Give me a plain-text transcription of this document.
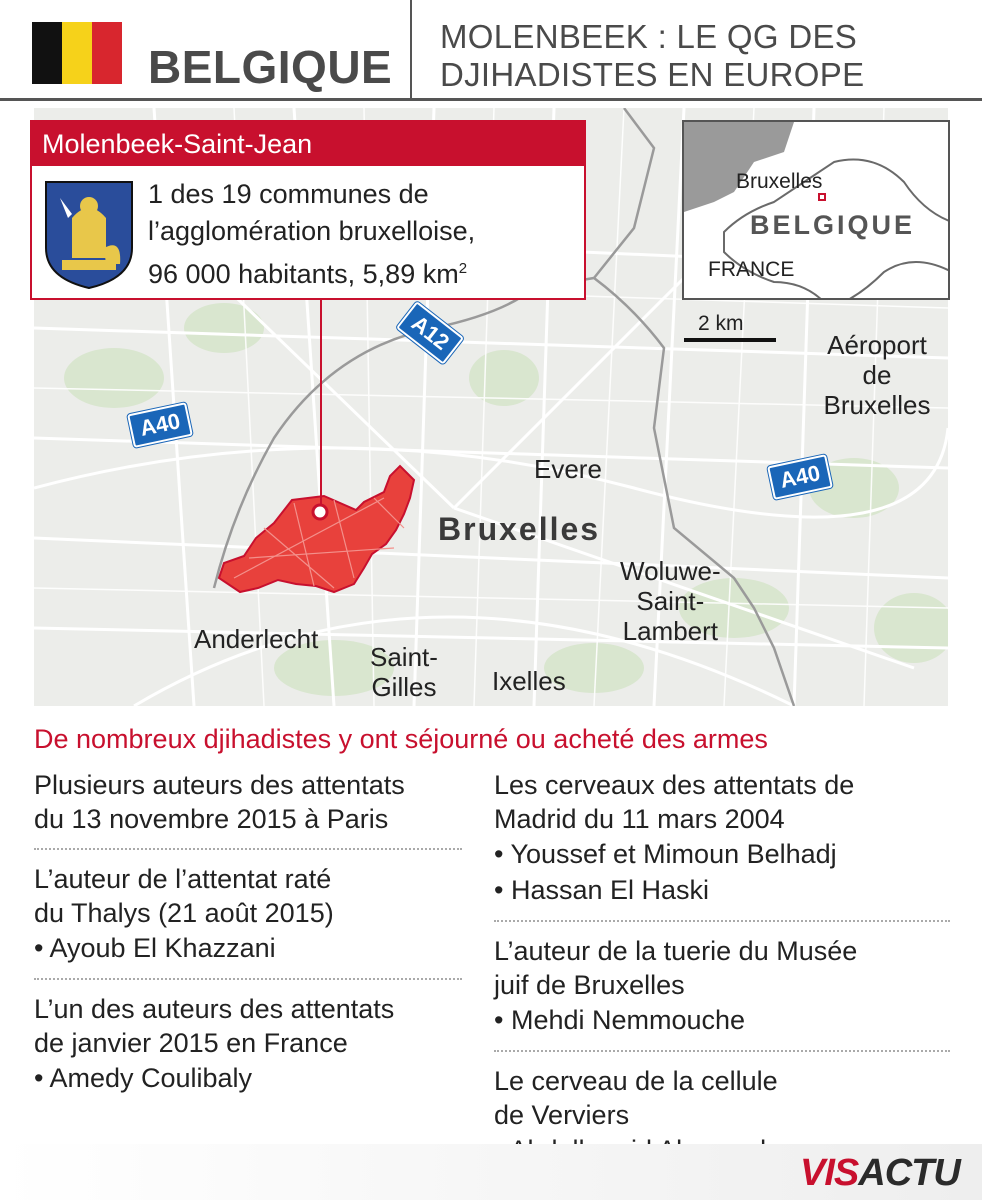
BELGIQUE
MOLENBEEK : LE QG DES
DJIHADISTES EN EUROPE
A12
A40
A40
Aéroport
de Bruxelles
Evere
Bruxelles
Woluwe-
Saint-
Lambert
Anderlecht
Saint-
Gilles Ixelles
Molenbeek-Saint-Jean
1 des 19 communes de
l’agglomération bruxelloise,
96 000 habitants, 5,89 $km^2$
Bruxelles
BELGIQUE
FRANCE
2 km
De nombreux djihadistes y ont séjourné ou acheté des armes
Plusieurs auteurs des attentats
du 13 novembre 2015 à Paris
L’auteur de l’attentat raté
du Thalys (21 août 2015)
• Ayoub El Khazzani
L’un des auteurs des attentats
de janvier 2015 en France
• Amedy Coulibaly
Les cerveaux des attentats de
Madrid du 11 mars 2004
• Youssef et Mimoun Belhadj
• Hassan El Haski
L’auteur de la tuerie du Musée
juif de Bruxelles
• Mehdi Nemmouche
Le cerveau de la cellule
de Verviers
VISACTU
